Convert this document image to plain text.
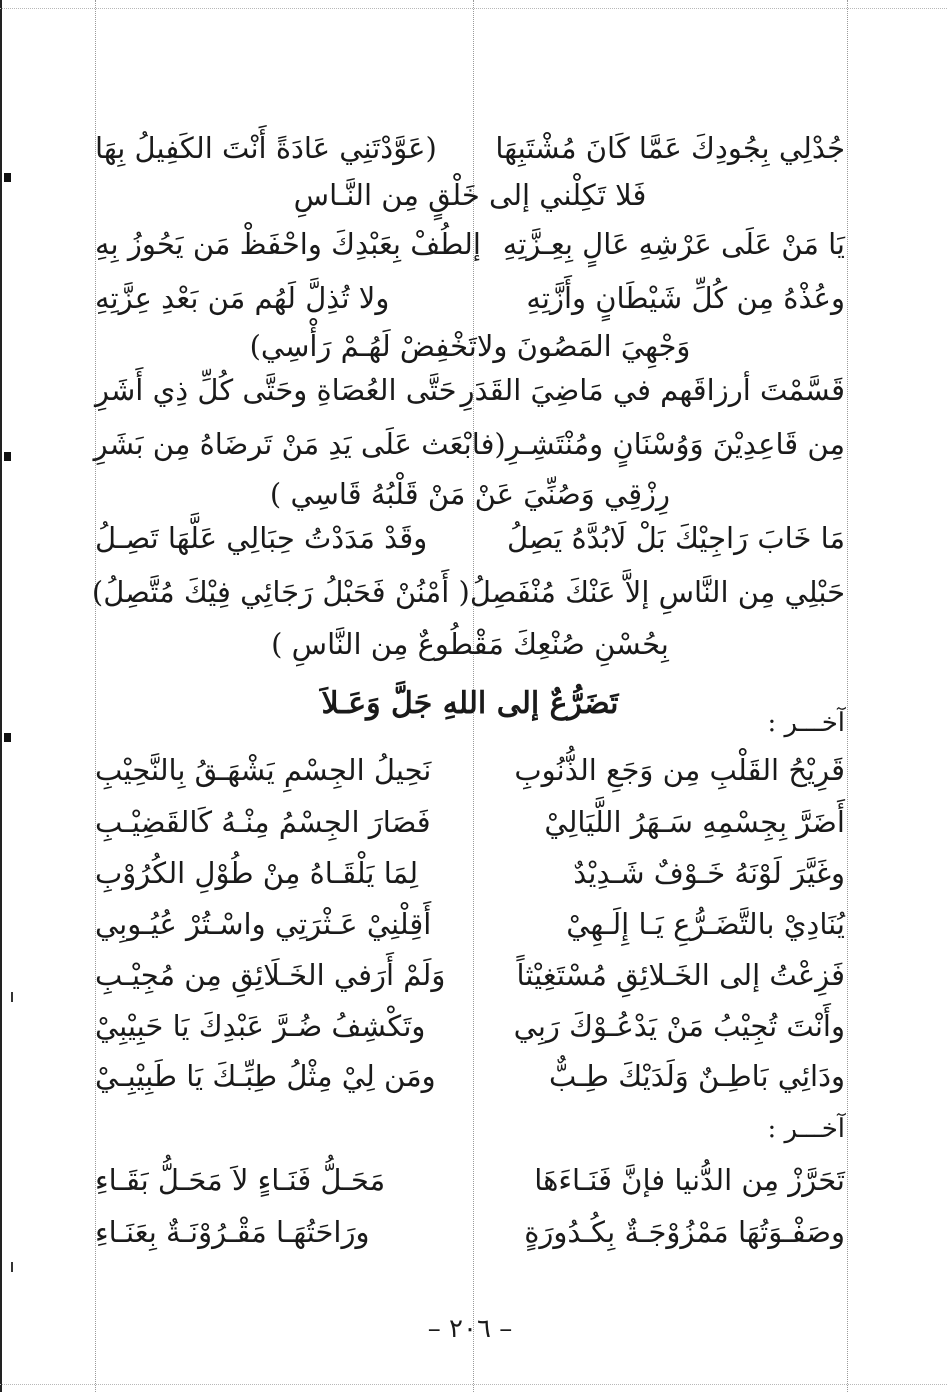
جُدْلِي بِجُودِكَ عَمَّا كَانَ مُشْتَبِهَا
(عَوَّدْتَنِي عَادَةً أَنْتَ الكَفِيلُ بِهَا
فَلا تَكِلْني إلى خَلْقٍ مِن النَّـاسِ
يَا مَنْ عَلَى عَرْشِهِ عَالٍ بِعِـزَّتِهِ
إلطُفْ بِعَبْدِكَ واحْفَظْ مَن يَحُوزُ بِهِ
وعُذْهُ مِن كُلِّ شَيْطَانٍ وأَزَّتِهِ
ولا تُذِلَّ لَهُم مَن بَعْدِ عِزَّتِهِ
وَجْهِيَ المَصُونَ ولاتَخْفِضْ لَهُـمْ رَأْسِي)
قَسَّمْتَ أرزاقَهم في مَاضِيَ القَدَرِ
حَتَّى العُصَاةِ وحَتَّى كُلِّ ذِي أَشَرِ
مِن قَاعِدِيْنَ وَوُسْنَانٍ ومُنْتَشِـرِ
(فابْعَث عَلَى يَدِ مَنْ تَرضَاهُ مِن بَشَرِ
رِزْقِي وَصُنِّيَ عَنْ مَنْ قَلْبُهُ قَاسِي )
مَا خَابَ رَاجِيْكَ بَلْ لَابُدَّهُ يَصِلُ
وقَدْ مَدَدْتُ حِبَالِي عَلَّهَا تَصِـلُ
حَبْلِي مِن النَّاسِ إلاَّ عَنْكَ مُنْفَصِلُ
( أَمْنُنْ فَحَبْلُ رَجَائِي فِيْكَ مُتَّصِلُ)
بِحُسْنِ صُنْعِكَ مَقْطُوعٌ مِن النَّاسِ )
تَضَرُّعٌ إلى اللهِ جَلَّ وَعَـلاَ
آخـــر :
قَرِيْحُ القَلْبِ مِن وَجَعِ الذُّنُوبِ
نَحِيلُ الجِسْمِ يَشْهَـقُ بِالنَّحِيْبِ
أَضَرَّ بِجِسْمِهِ سَـهَرُ اللَّيَالِيْ
فَصَارَ الجِسْمُ مِنْـهُ كَالقَضِيْـبِ
وغَيَّرَ لَوْنَهُ خَـوْفٌ شَـدِيْدٌ
لِمَا يَلْقَـاهُ مِنْ طُوْلِ الكُرُوْبِ
يُنَادِيْ بالتَّضَـرُّعِ يَـا إِلَـهِيْ
أَقِلْنِيْ عَـثْرَتِي واسْـتُرْ عُيُـوبِي
فَزِعْتُ إلى الخَـلائِقِ مُسْتَغِيْثاً
وَلَمْ أَرَفي الخَـلَائِقِ مِن مُجِيْـبِ
وأَنْتَ تُجِيْبُ مَنْ يَدْعُـوْكَ رَبِي
وتَكْشِفُ ضُـرَّ عَبْدِكَ يَا حَبِيْبِيْ
ودَائِي بَاطِـنٌ وَلَدَيْكَ طِـبٌّ
ومَن لِيْ مِثْلُ طِبِّـكَ يَا طَبِيْبِـيْ
آخـــر :
تَحَرَّزْ مِن الدُّنيا فإنَّ فَنَـاءَهَا
مَحَـلُّ فَنَـاءٍ لاَ مَحَـلُّ بَقَـاءِ
وصَفْـوَتُهَا مَمْزُوْجَـةٌ بِكُـدُورَةٍ
ورَاحَتُهَـا مَقْـرُوْنَـةٌ بِعَنَـاءِ
– ٢٠٦ –
